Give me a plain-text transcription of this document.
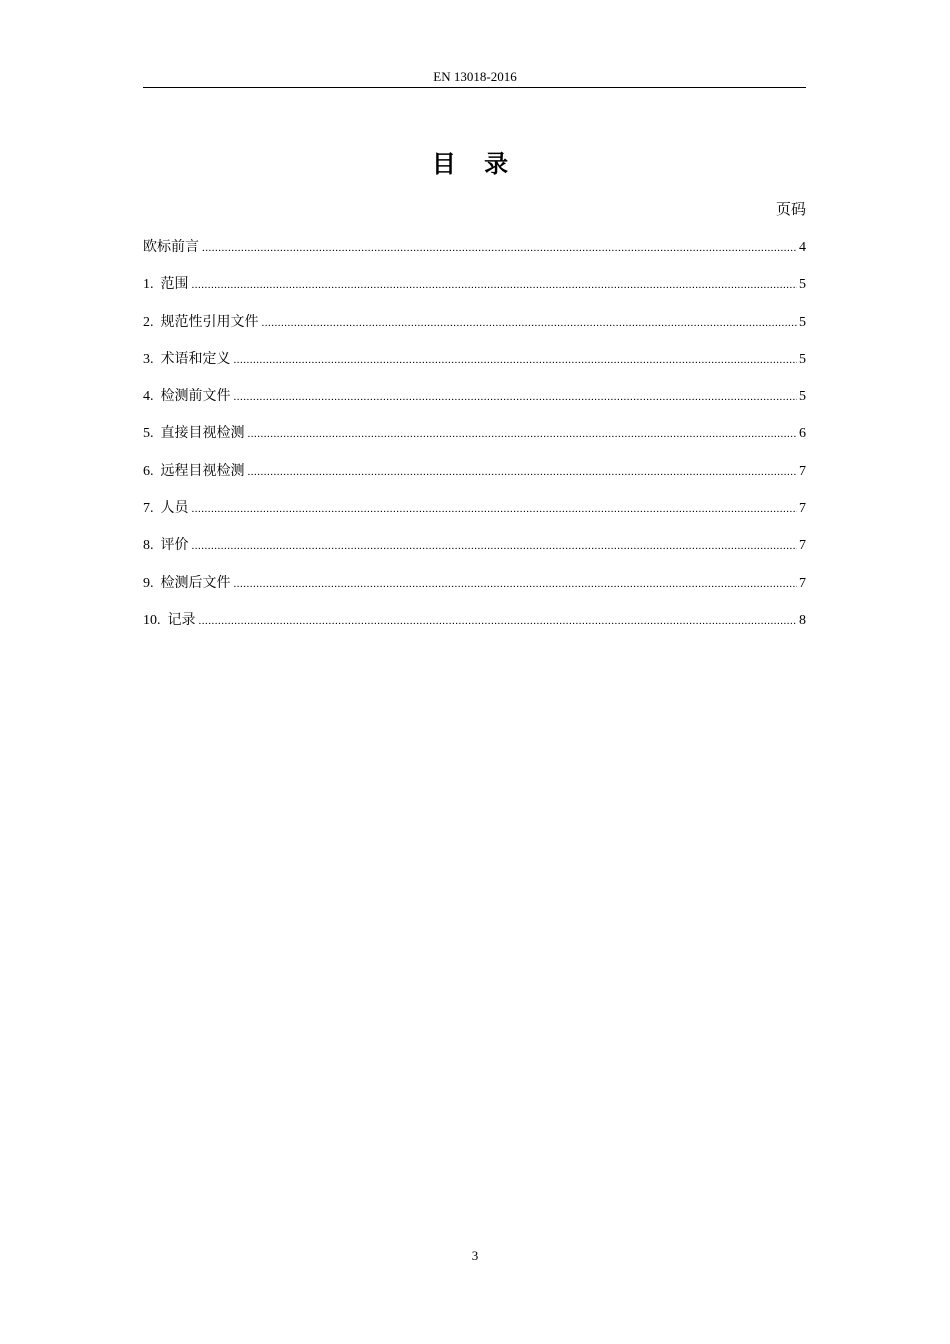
EN 13018-2016
目 录
页码
欧标前言 .....	4
1. 范围 .....	5
2. 规范性引用文件 .....	5
3. 术语和定义 .....	5
4. 检测前文件 .....	5
5. 直接目视检测 .....	6
6. 远程目视检测 .....	7
7. 人员 .....	7
8. 评价 .....	7
9. 检测后文件 .....	7
10. 记录 .....	8
3
